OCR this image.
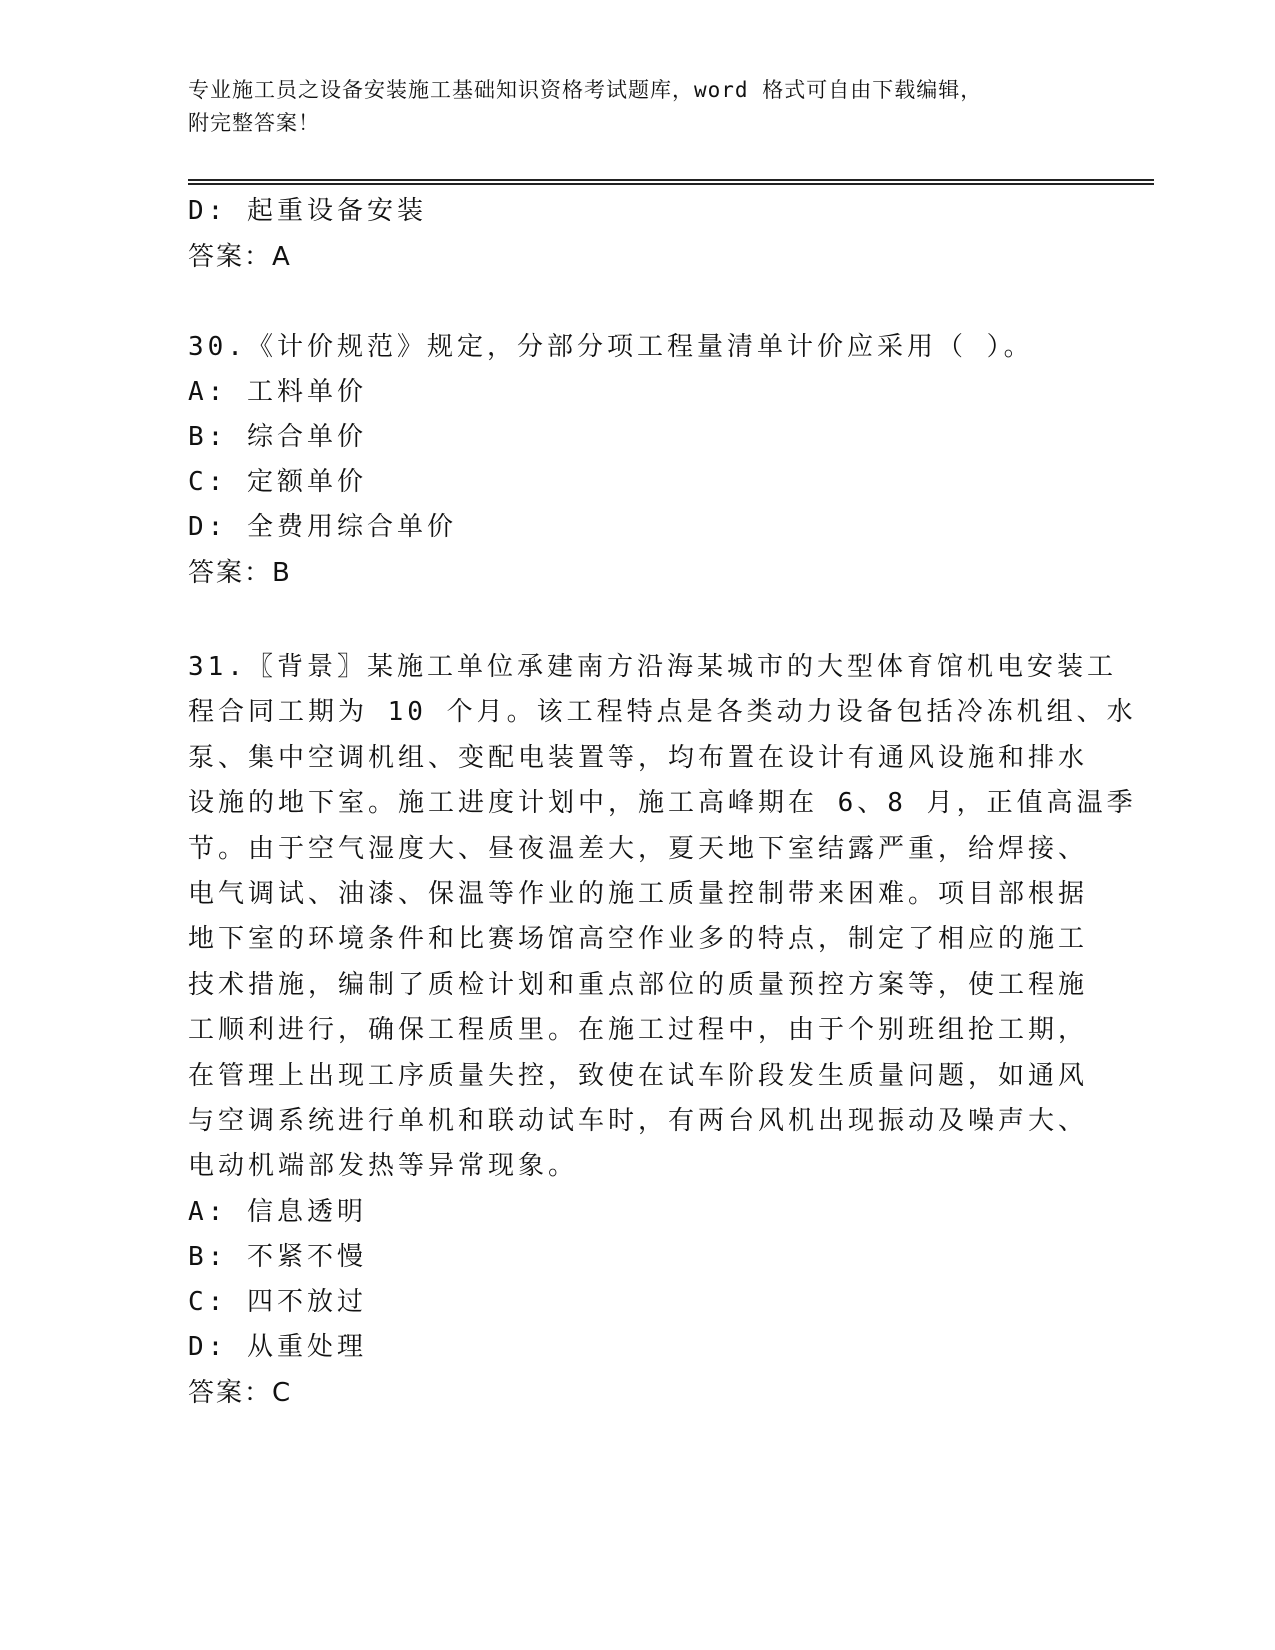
专业施工员之设备安装施工基础知识资格考试题库，word 格式可自由下载编辑，
附完整答案！
D: 起重设备安装
答案：A
30.《计价规范》规定，分部分项工程量清单计价应采用（ ）。
A: 工料单价
B: 综合单价
C: 定额单价
D: 全费用综合单价
答案：B
31.〖背景〗某施工单位承建南方沿海某城市的大型体育馆机电安装工
程合同工期为 10 个月。该工程特点是各类动力设备包括冷冻机组、水
泵、集中空调机组、变配电装置等，均布置在设计有通风设施和排水
设施的地下室。施工进度计划中，施工高峰期在 6、8 月，正值高温季
节。由于空气湿度大、昼夜温差大，夏天地下室结露严重，给焊接、
电气调试、油漆、保温等作业的施工质量控制带来困难。项目部根据
地下室的环境条件和比赛场馆高空作业多的特点，制定了相应的施工
技术措施，编制了质检计划和重点部位的质量预控方案等，使工程施
工顺利进行，确保工程质里。在施工过程中，由于个别班组抢工期，
在管理上出现工序质量失控，致使在试车阶段发生质量问题，如通风
与空调系统进行单机和联动试车时，有两台风机出现振动及噪声大、
电动机端部发热等异常现象。
A: 信息透明
B: 不紧不慢
C: 四不放过
D: 从重处理
答案：C
